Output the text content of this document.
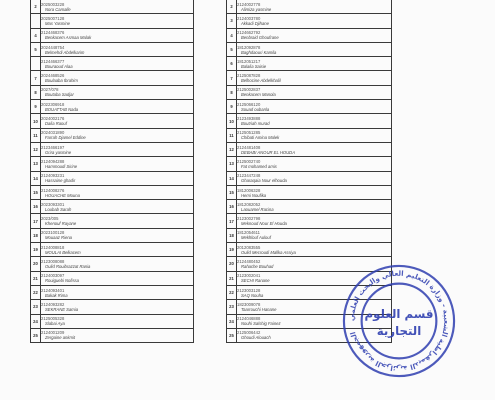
2	2025003228
Nora Camalle

	2025007128
Mas Yasmine

4	2124468376
Benkacem Asmaa Malak

5	2024448754
Belmehdi Abdelkarim

	2124466377
Bouraoud Alaa

7	2024468526
Boulaaba Ibrahim

8	2027/078
Boutaba Sadjar

9	2022306918
BOUATTAB Nada

10	2024002176
Dalia Raouf

11	2024031890
Farrah Djamel Eddine

12	2123466197
Grira yasmine

13	2124094288
Hammoudi Sirine

14	2124093231
Hassaine ghadir

15	2124008276
HOUACHE Mouna

16	2023093301
Loubab Sarah

17	2023/005
Khenouf Rayane

18	2023100128
Mouaaz Riena

19	2124008818
MOULAI Belkacem

20	2123008088
Oulid Rouibrazzat Rania

21	2124003097
Rouiguebi Nofissa

22	2124093401
Bakak Rima

23	2124093282
SEKRANE Samia

24	2125005328
Slabai Aya

25	2124001209
Zergaine ankmit
2	2124002778
Alimiza yasmine

3	2124003780
Akkadi Djihane

4	2124662792
Benbraid Ghoufrane

5	1812092878
Baghdaouri Kamila

6	1812051217
Balalia Saisie

7	2125087828
Belhocine Abdelkhalil

8	2125002837
Benkacem Manola

9	2125066120
Souad oubanla

10	2123493888
Boutriah murad

11	2125051285
Chibati Amina Malek

12	2124481408
DEBABI ANOUR EL HOUDA

13	2125002740
Fat mohamed amis

14	2123447248
Gharaqaia Nour elhouda

15	1812006328
Hemi Noufika

16	1812082052
Laouamel Racina

17	2123002798
Meknoud Nour El Houda

18	1812054611
Mekhlouf Aulouf

19	2012083555
Oulid Mecroudi Mallka Assiya

20	2124480452
Rahache Bouhad

21	2123002041
SECHI Ranane

22	2123003128
SAQ Nouha

23	1823009078
Taarrouchi Hanane

24	2124046888
Nouhi Salshig Fainez

25	2125006442
Ghoudi Alouach
الجمهورية الجزائرية الديمقراطية الشعبية - وزارة التعليم العالي والبحث العلمي
قسم العلوم
التجارية
